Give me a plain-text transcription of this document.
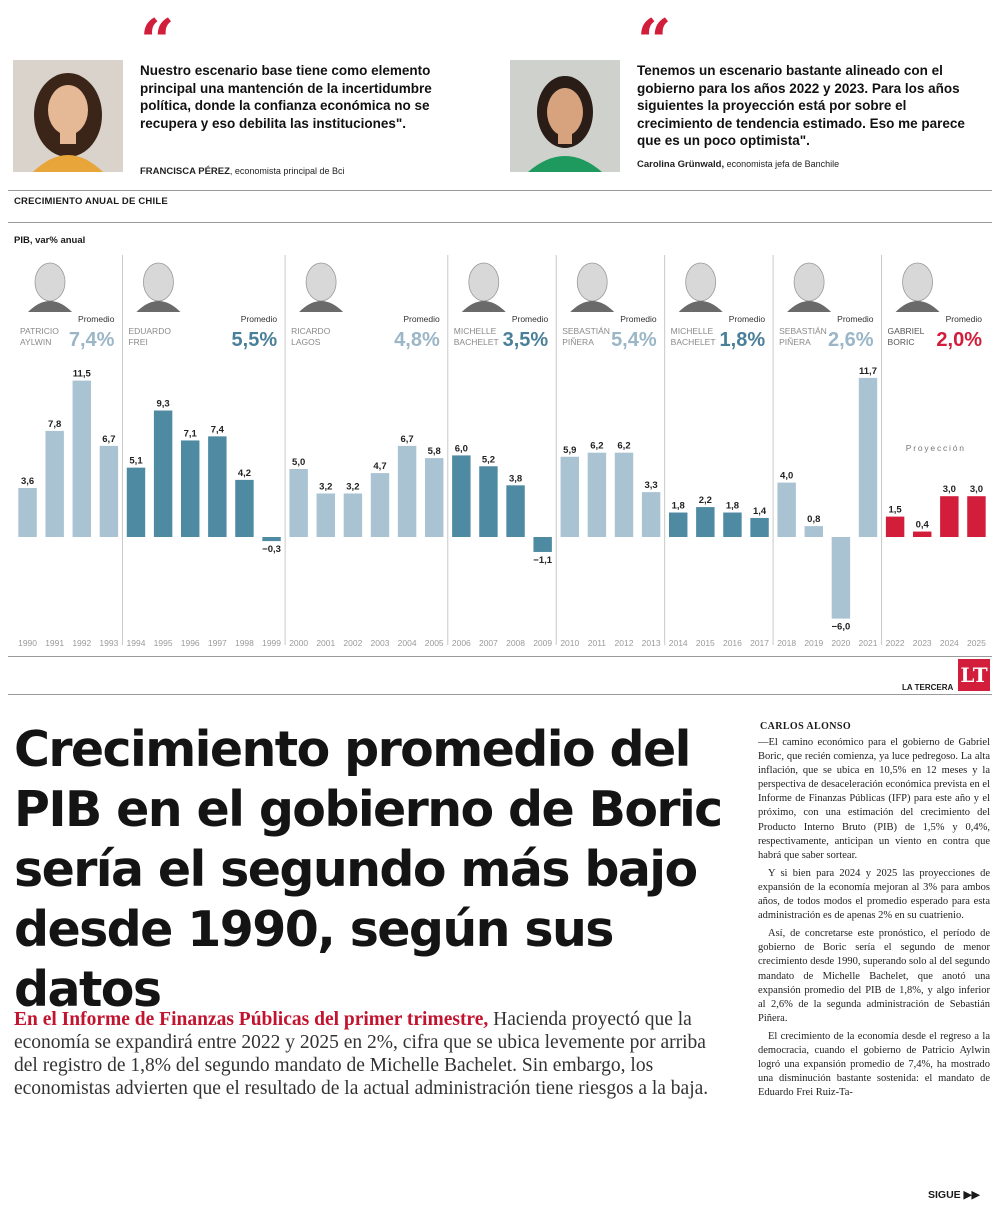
“
Nuestro escenario base tiene como elemento principal una mantención de la incertidumbre política, donde la confianza económica no se recupera y eso debilita las instituciones".
FRANCISCA PÉREZ, economista principal de Bci
“
Tenemos un escenario bastante alineado con el gobierno para los años 2022 y 2023. Para los años siguientes la proyección está por sobre el crecimiento de tendencia estimado. Eso me parece que es un poco optimista".
Carolina Grünwald, economista jefa de Banchile
CRECIMIENTO ANUAL DE CHILE
PIB, var% anual
PATRICIO
AYLWIN
Promedio
7,4% EDUARDO
FREI
Promedio
5,5% RICARDO
LAGOS
Promedio
4,8% MICHELLE
BACHELET
Promedio
3,5% SEBASTIÁN
PIÑERA
Promedio
5,4% MICHELLE
BACHELET
Promedio
1,8% SEBASTIÁN
PIÑERA
Promedio
2,6% GABRIEL
BORIC
Promedio
2,0%
3,6
1990
7,8
1991
11,5
1992
6,7
1993
5,1
1994
9,3
1995
7,1
1996
7,4
1997
4,2
1998
−0,3
1999
5,0
2000
3,2
2001
3,2
2002
4,7
2003
6,7
2004
5,8
2005
6,0
2006
5,2
2007
3,8
2008
−1,1
2009
5,9
2010
6,2
2011
6,2
2012
3,3
2013
1,8
2014
2,2
2015
1,8
2016
1,4
2017
4,0
2018
0,8
2019
−6,0
2020
11,7
2021
1,5
2022
0,4
2023
3,0
2024
3,0
2025
Proyección
LA TERCERA
LT
Crecimiento promedio del PIB en el gobierno de Boric sería el segundo más bajo desde 1990, según sus datos
En el Informe de Finanzas Públicas del primer trimestre, Hacienda proyectó que la economía se expandirá entre 2022 y 2025 en 2%, cifra que se ubica levemente por arriba del registro de 1,8% del segundo mandato de Michelle Bachelet. Sin embargo, los economistas advierten que el resultado de la actual administración tiene riesgos a la baja.
CARLOS ALONSO

—El camino económico para el gobierno de Gabriel Boric, que recién comienza, ya luce pedregoso. La alta inflación, que se ubica en 10,5% en 12 meses y la perspectiva de desaceleración económica prevista en el Informe de Finanzas Públicas (IFP) para este año y el próximo, con una estimación del crecimiento del Producto Interno Bruto (PIB) de 1,5% y 0,4%, respectivamente, anticipan un viento en contra que habrá que saber sortear.

Y si bien para 2024 y 2025 las proyecciones de expansión de la economía mejoran al 3% para ambos años, de todos modos el promedio esperado para esta administración es de apenas 2% en su cuatrienio.

Así, de concretarse este pronóstico, el período de gobierno de Boric sería el segundo de menor crecimiento desde 1990, superando solo al del segundo mandato de Michelle Bachelet, que anotó una expansión promedio del PIB de 1,8%, y algo inferior al 2,6% de la segunda administración de Sebastián Piñera.

El crecimiento de la economía desde el regreso a la democracia, cuando el gobierno de Patricio Aylwin logró una expansión promedio de 7,4%, ha mostrado una disminución bastante sostenida: el mandato de Eduardo Frei Ruiz-Ta-

SIGUE ▶▶
